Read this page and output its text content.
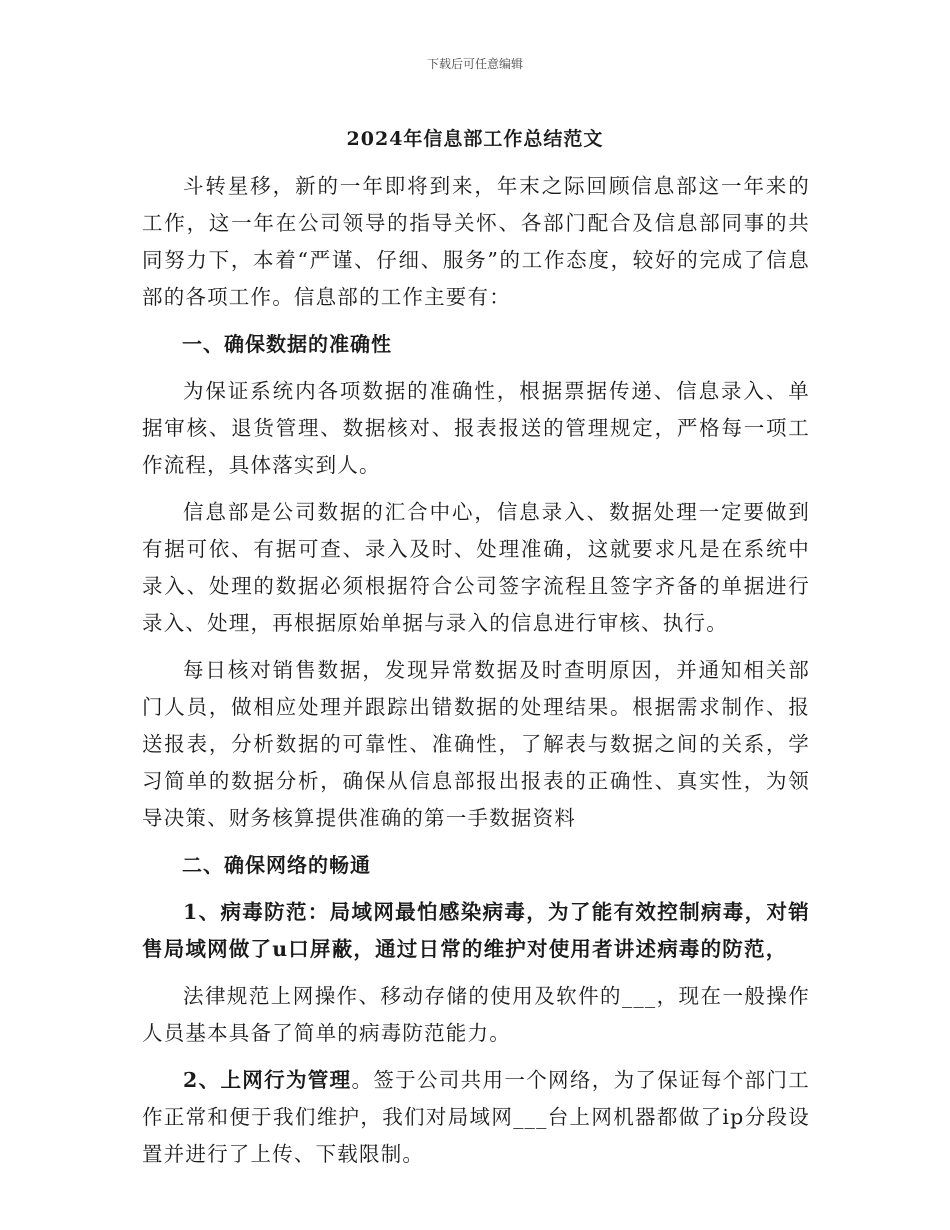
下载后可任意编辑
2024年信息部工作总结范文

斗转星移，新的一年即将到来，年末之际回顾信息部这一年来的工作，这一年在公司领导的指导关怀、各部门配合及信息部同事的共同努力下，本着“严谨、仔细、服务”的工作态度，较好的完成了信息部的各项工作。信息部的工作主要有：

一、确保数据的准确性

为保证系统内各项数据的准确性，根据票据传递、信息录入、单据审核、退货管理、数据核对、报表报送的管理规定，严格每一项工作流程，具体落实到人。

信息部是公司数据的汇合中心，信息录入、数据处理一定要做到有据可依、有据可查、录入及时、处理准确，这就要求凡是在系统中录入、处理的数据必须根据符合公司签字流程且签字齐备的单据进行录入、处理，再根据原始单据与录入的信息进行审核、执行。

每日核对销售数据，发现异常数据及时查明原因，并通知相关部门人员，做相应处理并跟踪出错数据的处理结果。根据需求制作、报送报表，分析数据的可靠性、准确性，了解表与数据之间的关系，学习简单的数据分析，确保从信息部报出报表的正确性、真实性，为领导决策、财务核算提供准确的第一手数据资料

二、确保网络的畅通

1、病毒防范：局域网最怕感染病毒，为了能有效控制病毒，对销售局域网做了u口屏蔽，通过日常的维护对使用者讲述病毒的防范，

法律规范上网操作、移动存储的使用及软件的___，现在一般操作人员基本具备了简单的病毒防范能力。

2、上网行为管理。签于公司共用一个网络，为了保证每个部门工作正常和便于我们维护，我们对局域网___台上网机器都做了ip分段设置并进行了上传、下载限制。
